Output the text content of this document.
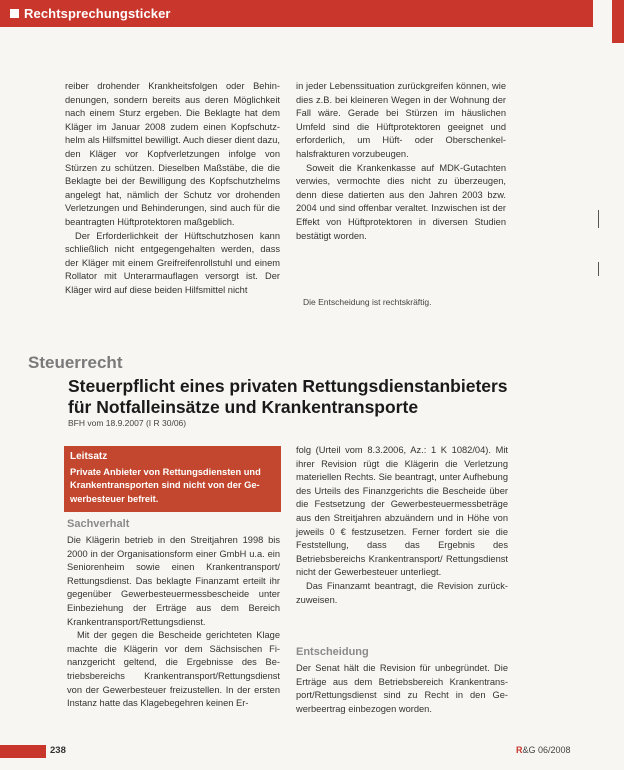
Rechtsprechungsticker

reiber drohender Krankheitsfolgen oder Behindenungen, sondern bereits aus deren Möglichkeit nach einem Sturz ergeben. Die Beklagte hat dem Kläger im Januar 2008 zudem einen Kopfschutzhelm als Hilfsmittel bewilligt. Auch dieser dient dazu, den Kläger vor Kopfverletzungen infolge von Stürzen zu schützen. Dieselben Maßstäbe, die die Beklagte bei der Bewilligung des Kopfschutzhelms angelegt hat, nämlich der Schutz vor drohenden Verletzungen und Behinderungen, sind auch für die beantragten Hüftprotektoren maßgeblich.

Der Erforderlichkeit der Hüftschutzhosen kann schließlich nicht entgegengehalten werden, dass der Kläger mit einem Greifreifenrollstuhl und einem Rollator mit Unterarmauflagen versorgt ist. Der Kläger wird auf diese beiden Hilfsmittel nicht

in jeder Lebenssituation zurückgreifen können, wie dies z.B. bei kleineren Wegen in der Wohnung der Fall wäre. Gerade bei Stürzen im häuslichen Umfeld sind die Hüftprotektoren geeignet und erforderlich, um Hüft- oder Oberschenkelhalsfrakturen vorzubeugen.

Soweit die Krankenkasse auf MDK-Gutachten verwies, vermochte dies nicht zu überzeugen, denn diese datierten aus den Jahren 2003 bzw. 2004 und sind offenbar veraltet. Inzwischen ist der Effekt von Hüftprotektoren in diversen Studien bestätigt worden.

Die Entscheidung ist rechtskräftig.
Steuerrecht
Steuerpflicht eines privaten Rettungsdienstanbieters für Notfalleinsätze und Krankentransporte
BFH vom 18.9.2007 (I R 30/06)
Leitsatz
Private Anbieter von Rettungsdiensten und Krankentransporten sind nicht von der Gewerbesteuer befreit.
Sachverhalt

Die Klägerin betrieb in den Streitjahren 1998 bis 2000 in der Organisationsform einer GmbH u.a. ein Seniorenheim sowie einen Krankentransport/ Rettungsdienst. Das beklagte Finanzamt erteilt ihr gegenüber Gewerbesteuermessbescheide unter Einbeziehung der Erträge aus dem Bereich Krankentransport/Rettungsdienst.

Mit der gegen die Bescheide gerichteten Klage machte die Klägerin vor dem Sächsischen Finanzgericht geltend, die Ergebnisse des Betriebsbereichs Krankentransport/Rettungsdienst von der Gewerbesteuer freizustellen. In der ersten Instanz hatte das Klagebegehren keinen Er-

folg (Urteil vom 8.3.2006, Az.: 1 K 1082/04). Mit ihrer Revision rügt die Klägerin die Verletzung materiellen Rechts. Sie beantragt, unter Aufhebung des Urteils des Finanzgerichts die Bescheide über die Festsetzung der Gewerbesteuermessbeträge aus den Streitjahren abzuändern und in Höhe von jeweils 0 € festzusetzen. Ferner fordert sie die Feststellung, dass das Ergebnis des Betriebsbereichs Krankentransport/ Rettungsdienst nicht der Gewerbesteuer unterliegt.

Das Finanzamt beantragt, die Revision zurückzuweisen.

Entscheidung

Der Senat hält die Revision für unbegründet. Die Erträge aus dem Betriebsbereich Krankentransport/Rettungsdienst sind zu Recht in den Gewerbeertrag einbezogen worden.

238	R&G 06/2008
